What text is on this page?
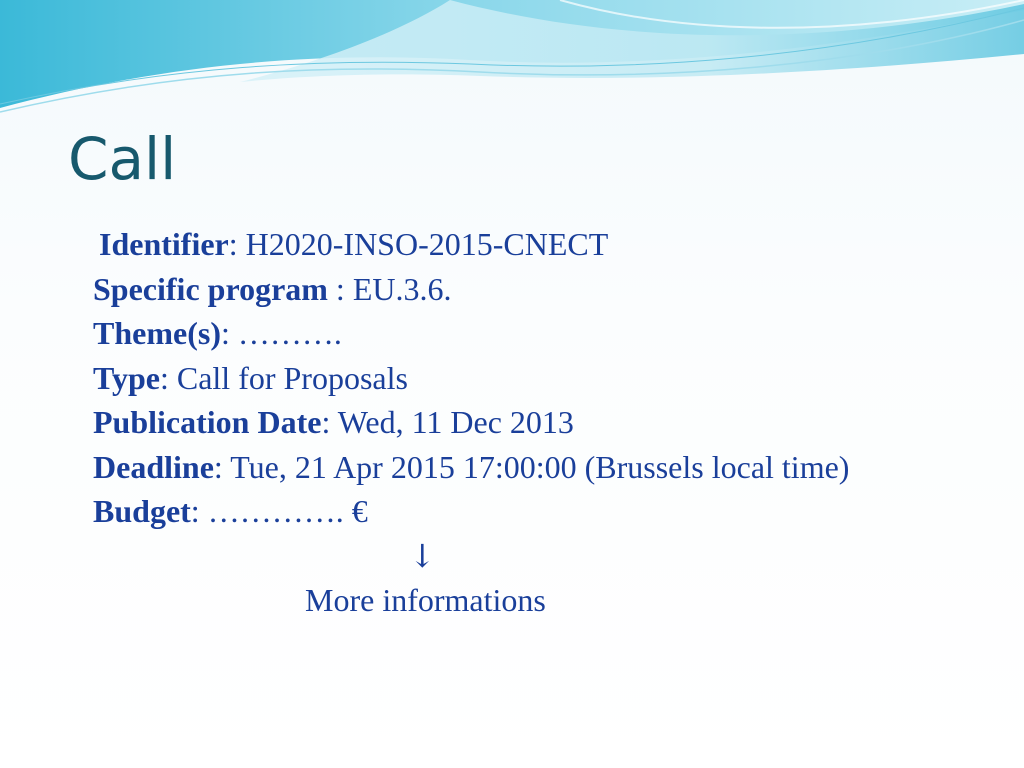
Call

Identifier: H2020-INSO-2015-CNECT

Specific program : EU.3.6.

Theme(s): ……….

Type: Call for Proposals

Publication Date: Wed, 11 Dec 2013

Deadline: Tue, 21 Apr 2015 17:00:00 (Brussels local time)

Budget: …………. €

↓

More informations
